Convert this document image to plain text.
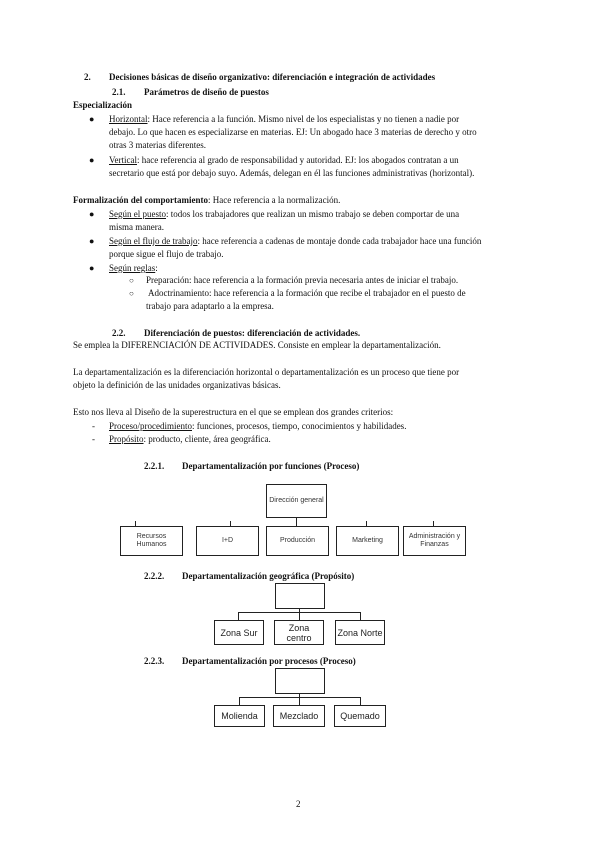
2. Decisiones básicas de diseño organizativo: diferenciación e integración de actividades
2.1. Parámetros de diseño de puestos
Especialización
● Horizontal: Hace referencia a la función. Mismo nivel de los especialistas y no tienen a nadie por
debajo. Lo que hacen es especializarse en materias. EJ: Un abogado hace 3 materias de derecho y otro
otras 3 materias diferentes.
● Vertical: hace referencia al grado de responsabilidad y autoridad. EJ: los abogados contratan a un
secretario que está por debajo suyo. Además, delegan en él las funciones administrativas (horizontal).
Formalización del comportamiento: Hace referencia a la normalización.
● Según el puesto: todos los trabajadores que realizan un mismo trabajo se deben comportar de una
misma manera.
● Según el flujo de trabajo: hace referencia a cadenas de montaje donde cada trabajador hace una función
porque sigue el flujo de trabajo.
● Según reglas:
○ Preparación: hace referencia a la formación previa necesaria antes de iniciar el trabajo.
○ Adoctrinamiento: hace referencia a la formación que recibe el trabajador en el puesto de
trabajo para adaptarlo a la empresa.
2.2. Diferenciación de puestos: diferenciación de actividades.
Se emplea la DIFERENCIACIÓN DE ACTIVIDADES. Consiste en emplear la departamentalización.
La departamentalización es la diferenciación horizontal o departamentalización es un proceso que tiene por
objeto la definición de las unidades organizativas básicas.
Esto nos lleva al Diseño de la superestructura en el que se emplean dos grandes criterios:
- Proceso/procedimiento: funciones, procesos, tiempo, conocimientos y habilidades.
- Propósito: producto, cliente, área geográfica.
2.2.1. Departamentalización por funciones (Proceso)
Dirección general
Recursos Humanos
I+D	Producción	Marketing
Administración y Finanzas
2.2.2. Departamentalización geográfica (Propósito)
Zona Sur	Zona centro	Zona Norte
2.2.3. Departamentalización por procesos (Proceso)
Molienda	Mezclado	Quemado
2
